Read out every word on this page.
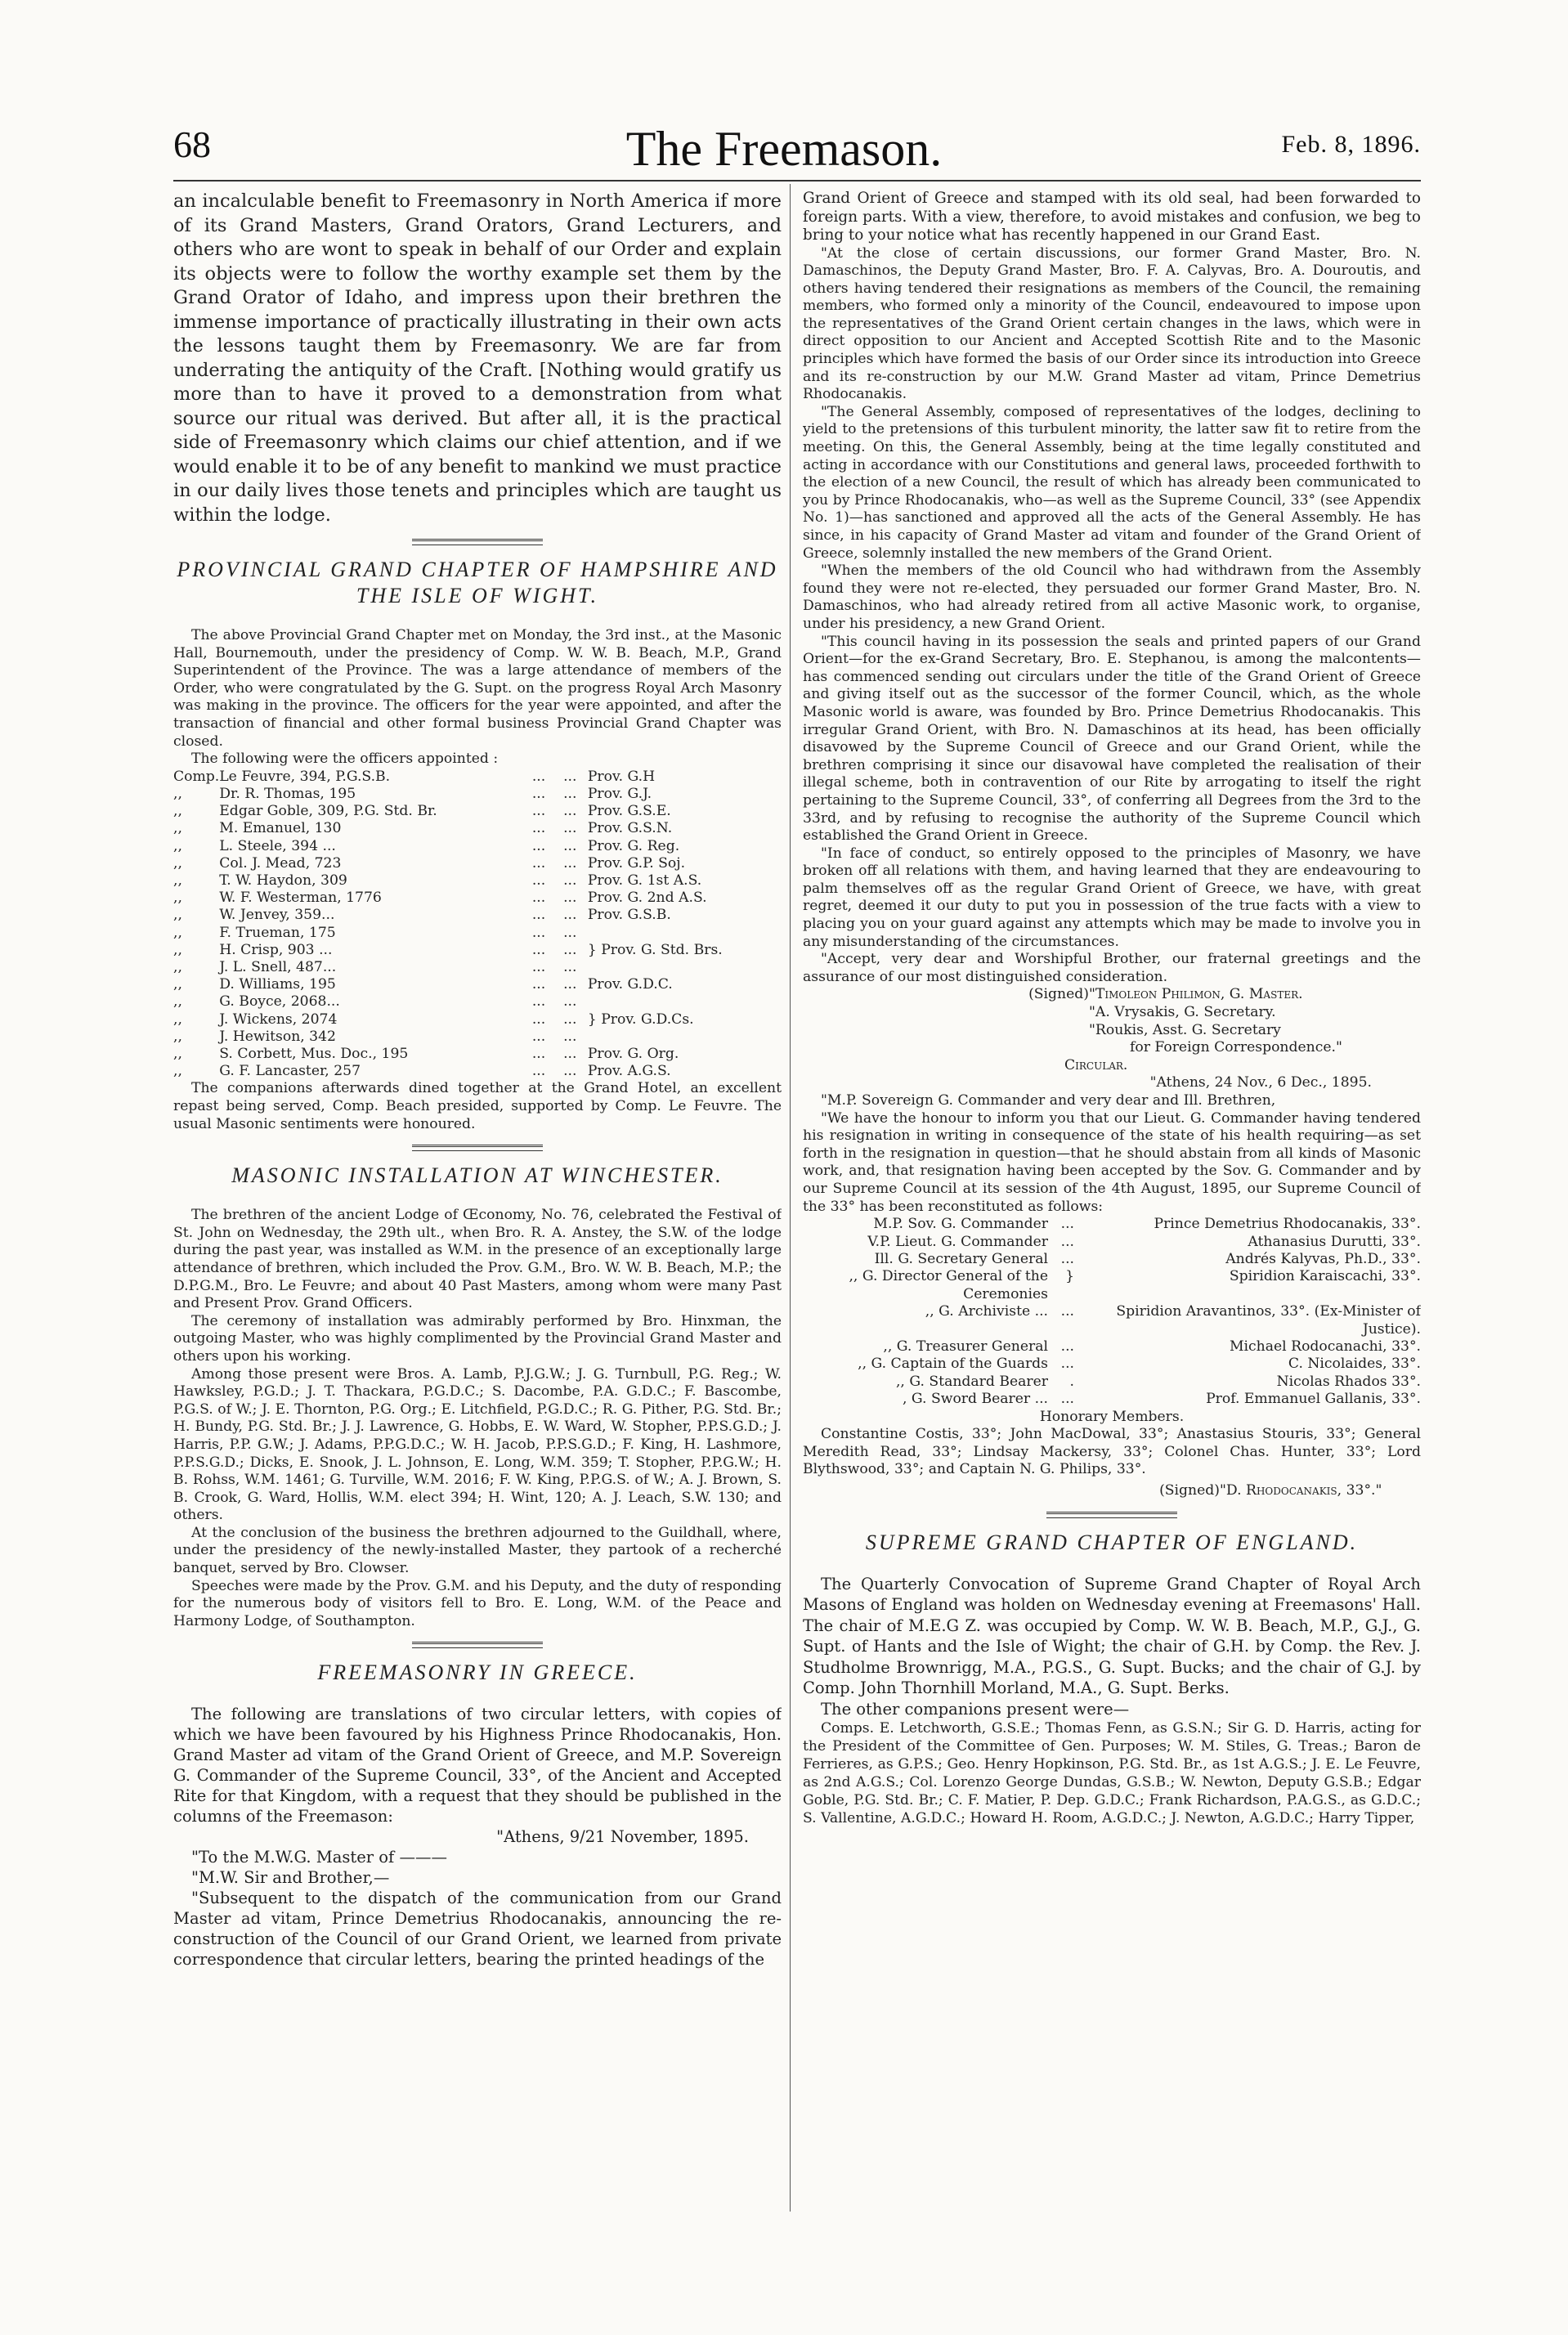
68	The Freemason.	Feb. 8, 1896.

an incalculable benefit to Freemasonry in North America if more of its Grand Masters, Grand Orators, Grand Lecturers, and others who are wont to speak in behalf of our Order and explain its objects were to follow the worthy example set them by the Grand Orator of Idaho, and impress upon their brethren the immense importance of practically illustrating in their own acts the lessons taught them by Freemasonry. We are far from underrating the antiquity of the Craft. [Nothing would gratify us more than to have it proved to a demonstration from what source our ritual was derived. But after all, it is the practical side of Freemasonry which claims our chief attention, and if we would enable it to be of any benefit to mankind we must practice in our daily lives those tenets and principles which are taught us within the lodge.

PROVINCIAL GRAND CHAPTER OF HAMPSHIRE AND THE ISLE OF WIGHT.

The above Provincial Grand Chapter met on Monday, the 3rd inst., at the Masonic Hall, Bournemouth, under the presidency of Comp. W. W. B. Beach, M.P., Grand Superintendent of the Province. The was a large attendance of members of the Order, who were congratulated by the G. Supt. on the progress Royal Arch Masonry was making in the province. The officers for the year were appointed, and after the transaction of financial and other formal business Provincial Grand Chapter was closed.

The following were the officers appointed :

Comp.	Le Feuvre, 394, P.G.S.B.	...    ...	Prov. G.H
,,	Dr. R. Thomas, 195	...    ...	Prov. G.J.
,,	Edgar Goble, 309, P.G. Std. Br.	...    ...	Prov. G.S.E.
,,	M. Emanuel, 130	...    ...	Prov. G.S.N.
,,	L. Steele, 394 ...	...    ...	Prov. G. Reg.
,,	Col. J. Mead, 723	...    ...	Prov. G.P. Soj.
,,	T. W. Haydon, 309	...    ...	Prov. G. 1st A.S.
,,	W. F. Westerman, 1776	...    ...	Prov. G. 2nd A.S.
,,	W. Jenvey, 359...	...    ...	Prov. G.S.B.
,,	F. Trueman, 175	...    ...	
,,	H. Crisp, 903 ...	...    ...	} Prov. G. Std. Brs.
,,	J. L. Snell, 487...	...    ...	
,,	D. Williams, 195	...    ...	Prov. G.D.C.
,,	G. Boyce, 2068...	...    ...	
,,	J. Wickens, 2074	...    ...	} Prov. G.D.Cs.
,,	J. Hewitson, 342	...    ...	
,,	S. Corbett, Mus. Doc., 195	...    ...	Prov. G. Org.
,,	G. F. Lancaster, 257	...    ...	Prov. A.G.S.

The companions afterwards dined together at the Grand Hotel, an excellent repast being served, Comp. Beach presided, supported by Comp. Le Feuvre. The usual Masonic sentiments were honoured.

MASONIC INSTALLATION AT WINCHESTER.

The brethren of the ancient Lodge of Œconomy, No. 76, celebrated the Festival of St. John on Wednesday, the 29th ult., when Bro. R. A. Anstey, the S.W. of the lodge during the past year, was installed as W.M. in the presence of an exceptionally large attendance of brethren, which included the Prov. G.M., Bro. W. W. B. Beach, M.P.; the D.P.G.M., Bro. Le Feuvre; and about 40 Past Masters, among whom were many Past and Present Prov. Grand Officers.

The ceremony of installation was admirably performed by Bro. Hinxman, the outgoing Master, who was highly complimented by the Provincial Grand Master and others upon his working.

Among those present were Bros. A. Lamb, P.J.G.W.; J. G. Turnbull, P.G. Reg.; W. Hawksley, P.G.D.; J. T. Thackara, P.G.D.C.; S. Dacombe, P.A. G.D.C.; F. Bascombe, P.G.S. of W.; J. E. Thornton, P.G. Org.; E. Litchfield, P.G.D.C.; R. G. Pither, P.G. Std. Br.; H. Bundy, P.G. Std. Br.; J. J. Lawrence, G. Hobbs, E. W. Ward, W. Stopher, P.P.S.G.D.; J. Harris, P.P. G.W.; J. Adams, P.P.G.D.C.; W. H. Jacob, P.P.S.G.D.; F. King, H. Lashmore, P.P.S.G.D.; Dicks, E. Snook, J. L. Johnson, E. Long, W.M. 359; T. Stopher, P.P.G.W.; H. B. Rohss, W.M. 1461; G. Turville, W.M. 2016; F. W. King, P.P.G.S. of W.; A. J. Brown, S. B. Crook, G. Ward, Hollis, W.M. elect 394; H. Wint, 120; A. J. Leach, S.W. 130; and others.

At the conclusion of the business the brethren adjourned to the Guildhall, where, under the presidency of the newly-installed Master, they partook of a recherché banquet, served by Bro. Clowser.

Speeches were made by the Prov. G.M. and his Deputy, and the duty of responding for the numerous body of visitors fell to Bro. E. Long, W.M. of the Peace and Harmony Lodge, of Southampton.

FREEMASONRY IN GREECE.

The following are translations of two circular letters, with copies of which we have been favoured by his Highness Prince Rhodocanakis, Hon. Grand Master ad vitam of the Grand Orient of Greece, and M.P. Sovereign G. Commander of the Supreme Council, 33°, of the Ancient and Accepted Rite for that Kingdom, with a request that they should be published in the columns of the Freemason:

"Athens, 9/21 November, 1895.

"To the M.W.G. Master of ———

"M.W. Sir and Brother,—

"Subsequent to the dispatch of the communication from our Grand Master ad vitam, Prince Demetrius Rhodocanakis, announcing the re-construction of the Council of our Grand Orient, we learned from private correspondence that circular letters, bearing the printed headings of the

Grand Orient of Greece and stamped with its old seal, had been forwarded to foreign parts. With a view, therefore, to avoid mistakes and confusion, we beg to bring to your notice what has recently happened in our Grand East.

"At the close of certain discussions, our former Grand Master, Bro. N. Damaschinos, the Deputy Grand Master, Bro. F. A. Calyvas, Bro. A. Douroutis, and others having tendered their resignations as members of the Council, the remaining members, who formed only a minority of the Council, endeavoured to impose upon the representatives of the Grand Orient certain changes in the laws, which were in direct opposition to our Ancient and Accepted Scottish Rite and to the Masonic principles which have formed the basis of our Order since its introduction into Greece and its re-construction by our M.W. Grand Master ad vitam, Prince Demetrius Rhodocanakis.

"The General Assembly, composed of representatives of the lodges, declining to yield to the pretensions of this turbulent minority, the latter saw fit to retire from the meeting. On this, the General Assembly, being at the time legally constituted and acting in accordance with our Constitutions and general laws, proceeded forthwith to the election of a new Council, the result of which has already been communicated to you by Prince Rhodocanakis, who—as well as the Supreme Council, 33° (see Appendix No. 1)—has sanctioned and approved all the acts of the General Assembly. He has since, in his capacity of Grand Master ad vitam and founder of the Grand Orient of Greece, solemnly installed the new members of the Grand Orient.

"When the members of the old Council who had withdrawn from the Assembly found they were not re-elected, they persuaded our former Grand Master, Bro. N. Damaschinos, who had already retired from all active Masonic work, to organise, under his presidency, a new Grand Orient.

"This council having in its possession the seals and printed papers of our Grand Orient—for the ex-Grand Secretary, Bro. E. Stephanou, is among the malcontents—has commenced sending out circulars under the title of the Grand Orient of Greece and giving itself out as the successor of the former Council, which, as the whole Masonic world is aware, was founded by Bro. Prince Demetrius Rhodocanakis. This irregular Grand Orient, with Bro. N. Damaschinos at its head, has been officially disavowed by the Supreme Council of Greece and our Grand Orient, while the brethren comprising it since our disavowal have completed the realisation of their illegal scheme, both in contravention of our Rite by arrogating to itself the right pertaining to the Supreme Council, 33°, of conferring all Degrees from the 3rd to the 33rd, and by refusing to recognise the authority of the Supreme Council which established the Grand Orient in Greece.

"In face of conduct, so entirely opposed to the principles of Masonry, we have broken off all relations with them, and having learned that they are endeavouring to palm themselves off as the regular Grand Orient of Greece, we have, with great regret, deemed it our duty to put you in possession of the true facts with a view to placing you on your guard against any attempts which may be made to involve you in any misunderstanding of the circumstances.

"Accept, very dear and Worshipful Brother, our fraternal greetings and the assurance of our most distinguished consideration.

(Signed) "Timoleon Philimon, G. Master.
"A. Vrysakis, G. Secretary.
"Roukis, Asst. G. Secretary
for Foreign Correspondence."
Circular.
"Athens, 24 Nov., 6 Dec., 1895.

"M.P. Sovereign G. Commander and very dear and Ill. Brethren,

"We have the honour to inform you that our Lieut. G. Commander having tendered his resignation in writing in consequence of the state of his health requiring—as set forth in the resignation in question—that he should abstain from all kinds of Masonic work, and, that resignation having been accepted by the Sov. G. Commander and by our Supreme Council at its session of the 4th August, 1895, our Supreme Council of the 33° has been reconstituted as follows:

M.P. Sov. G. Commander	...	Prince Demetrius Rhodocanakis, 33°.
V.P. Lieut. G. Commander	...	Athanasius Durutti, 33°.
Ill. G. Secretary General	...	Andrés Kalyvas, Ph.D., 33°.
,, G. Director General of the Ceremonies	}	Spiridion Karaiscachi, 33°.
,, G. Archiviste ...	...	Spiridion Aravantinos, 33°. (Ex-Minister of Justice).
,, G. Treasurer General	...	Michael Rodocanachi, 33°.
,, G. Captain of the Guards	...	C. Nicolaides, 33°.
,, G. Standard Bearer	.	Nicolas Rhados 33°.
, G. Sword Bearer ...	...	Prof. Emmanuel Gallanis, 33°.
Honorary Members.

Constantine Costis, 33°; John MacDowal, 33°; Anastasius Stouris, 33°; General Meredith Read, 33°; Lindsay Mackersy, 33°; Colonel Chas. Hunter, 33°; Lord Blythswood, 33°; and Captain N. G. Philips, 33°.

(Signed) "D. Rhodocanakis, 33°."
SUPREME GRAND CHAPTER OF ENGLAND.

The Quarterly Convocation of Supreme Grand Chapter of Royal Arch Masons of England was holden on Wednesday evening at Freemasons' Hall. The chair of M.E.G Z. was occupied by Comp. W. W. B. Beach, M.P., G.J., G. Supt. of Hants and the Isle of Wight; the chair of G.H. by Comp. the Rev. J. Studholme Brownrigg, M.A., P.G.S., G. Supt. Bucks; and the chair of G.J. by Comp. John Thornhill Morland, M.A., G. Supt. Berks.

The other companions present were—

Comps. E. Letchworth, G.S.E.; Thomas Fenn, as G.S.N.; Sir G. D. Harris, acting for the President of the Committee of Gen. Purposes; W. M. Stiles, G. Treas.; Baron de Ferrieres, as G.P.S.; Geo. Henry Hopkinson, P.G. Std. Br., as 1st A.G.S.; J. E. Le Feuvre, as 2nd A.G.S.; Col. Lorenzo George Dundas, G.S.B.; W. Newton, Deputy G.S.B.; Edgar Goble, P.G. Std. Br.; C. F. Matier, P. Dep. G.D.C.; Frank Richardson, P.A.G.S., as G.D.C.; S. Vallentine, A.G.D.C.; Howard H. Room, A.G.D.C.; J. Newton, A.G.D.C.; Harry Tipper,
